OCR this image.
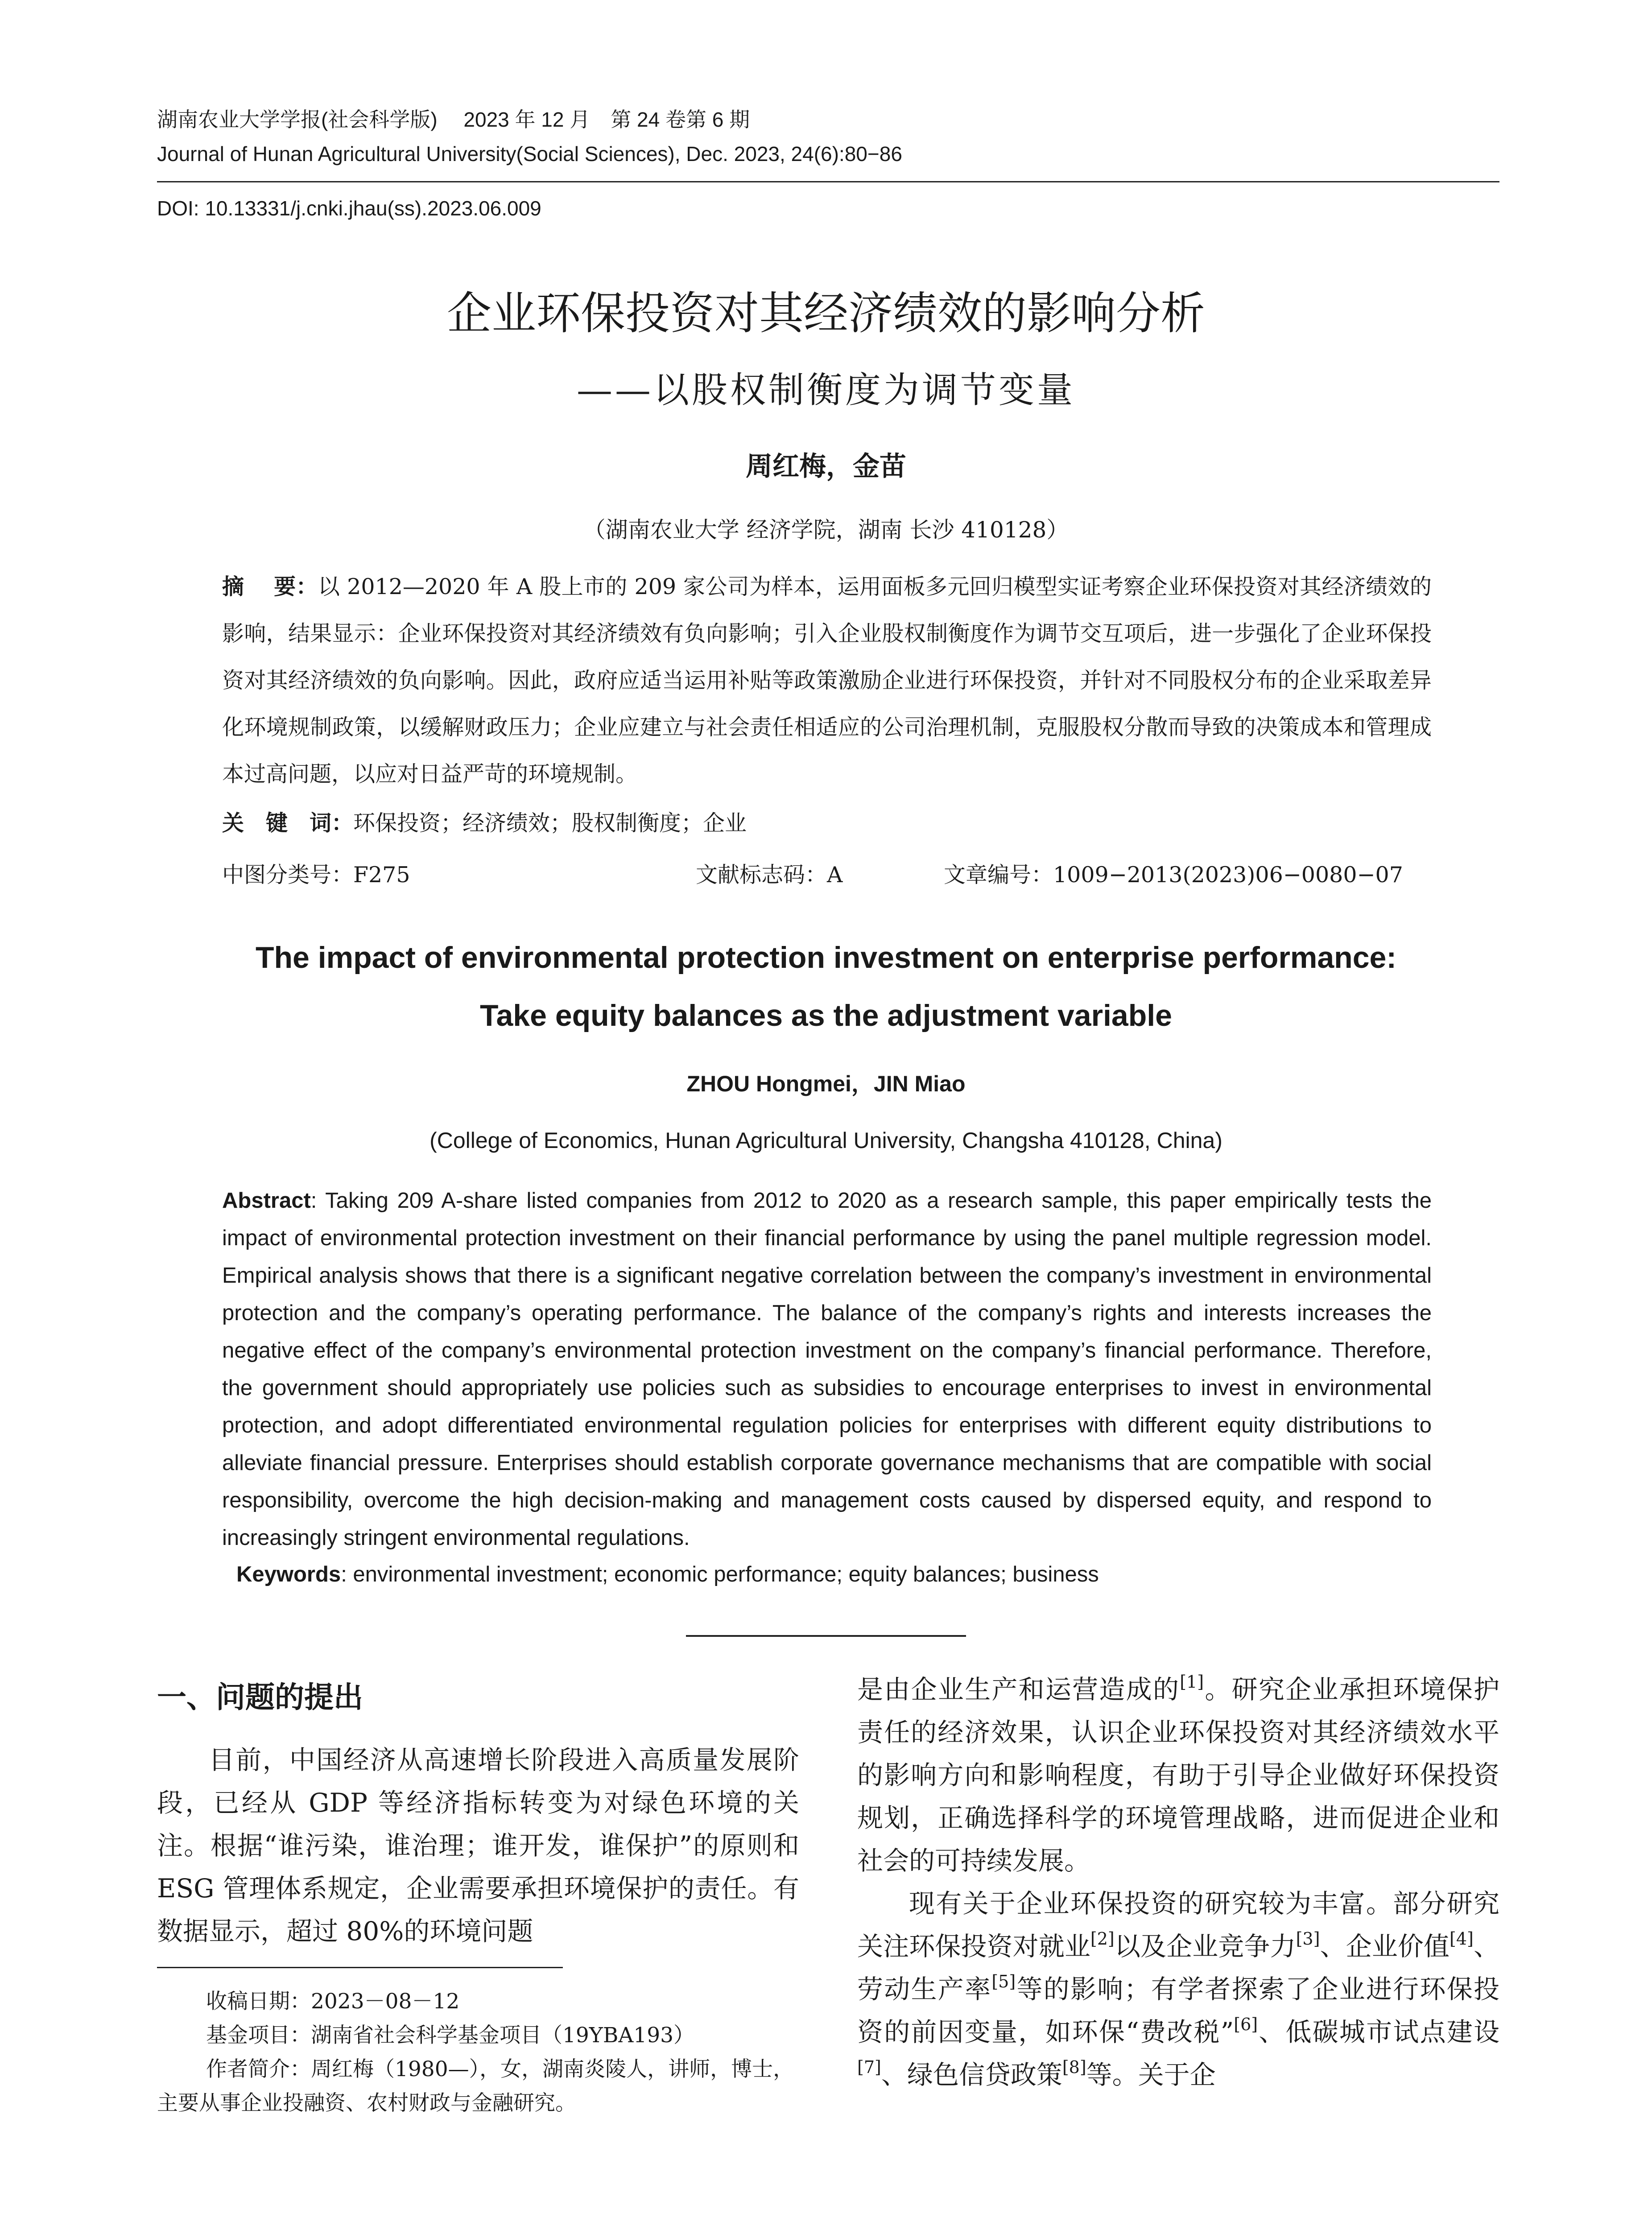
湖南农业大学学报(社会科学版)　 2023 年 12 月　第 24 卷第 6 期
Journal of Hunan Agricultural University(Social Sciences), Dec. 2023, 24(6):80−86
DOI: 10.13331/j.cnki.jhau(ss).2023.06.009
企业环保投资对其经济绩效的影响分析
——以股权制衡度为调节变量
周红梅，金苗
（湖南农业大学 经济学院，湖南 长沙 410128）
摘　 要：以 2012—2020 年 A 股上市的 209 家公司为样本，运用面板多元回归模型实证考察企业环保投资对其经济绩效的影响，结果显示：企业环保投资对其经济绩效有负向影响；引入企业股权制衡度作为调节交互项后，进一步强化了企业环保投资对其经济绩效的负向影响。因此，政府应适当运用补贴等政策激励企业进行环保投资，并针对不同股权分布的企业采取差异化环境规制政策，以缓解财政压力；企业应建立与社会责任相适应的公司治理机制，克服股权分散而导致的决策成本和管理成本过高问题，以应对日益严苛的环境规制。
关　键　词：环保投资；经济绩效；股权制衡度；企业
中图分类号：F275	文献标志码：A	文章编号：1009−2013(2023)06−0080−07
The impact of environmental protection investment on enterprise performance:
Take equity balances as the adjustment variable
ZHOU Hongmei，JIN Miao
(College of Economics, Hunan Agricultural University, Changsha 410128, China)
Abstract: Taking 209 A-share listed companies from 2012 to 2020 as a research sample, this paper empirically tests the impact of environmental protection investment on their financial performance by using the panel multiple regression model. Empirical analysis shows that there is a significant negative correlation between the company’s investment in environmental protection and the company’s operating performance. The balance of the company’s rights and interests increases the negative effect of the company’s environmental protection investment on the company’s financial performance. Therefore, the government should appropriately use policies such as subsidies to encourage enterprises to invest in environmental protection, and adopt differentiated environmental regulation policies for enterprises with different equity distributions to alleviate financial pressure. Enterprises should establish corporate governance mechanisms that are compatible with social responsibility, overcome the high decision-making and management costs caused by dispersed equity, and respond to increasingly stringent environmental regulations.
Keywords: environmental investment; economic performance; equity balances; business
一、问题的提出

目前，中国经济从高速增长阶段进入高质量发展阶段，已经从 GDP 等经济指标转变为对绿色环境的关注。根据“谁污染，谁治理；谁开发，谁保护”的原则和 ESG 管理体系规定，企业需要承担环境保护的责任。有数据显示，超过 80%的环境问题

收稿日期：2023－08－12

基金项目：湖南省社会科学基金项目（19YBA193）

作者简介：周红梅（1980—），女，湖南炎陵人，讲师，博士，主要从事企业投融资、农村财政与金融研究。

是由企业生产和运营造成的[1]。研究企业承担环境保护责任的经济效果，认识企业环保投资对其经济绩效水平的影响方向和影响程度，有助于引导企业做好环保投资规划，正确选择科学的环境管理战略，进而促进企业和社会的可持续发展。

现有关于企业环保投资的研究较为丰富。部分研究关注环保投资对就业[2]以及企业竞争力[3]、企业价值[4]、劳动生产率[5]等的影响；有学者探索了企业进行环保投资的前因变量，如环保“费改税”[6]、低碳城市试点建设[7]、绿色信贷政策[8]等。关于企
